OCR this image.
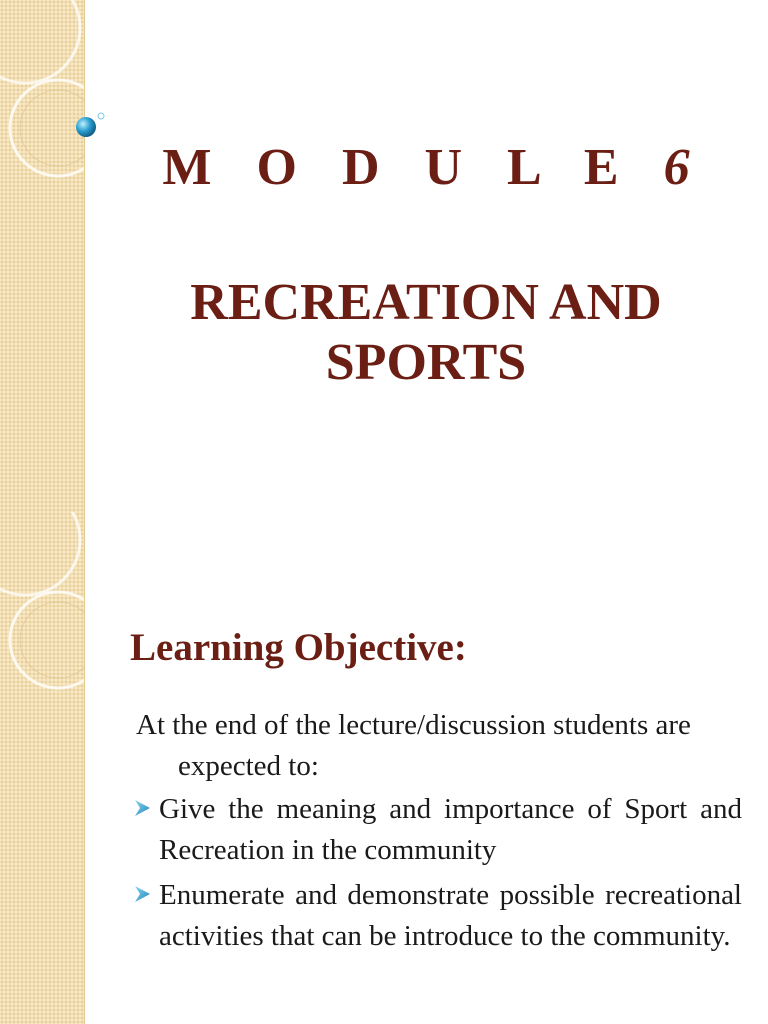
M O D U L E 6
RECREATION AND
SPORTS
Learning Objective:

At the end of the lecture/discussion students are expected to:

Give the meaning and importance of Sport and Recreation in the community
Enumerate and demonstrate possible recreational activities that can be introduce to the community.
